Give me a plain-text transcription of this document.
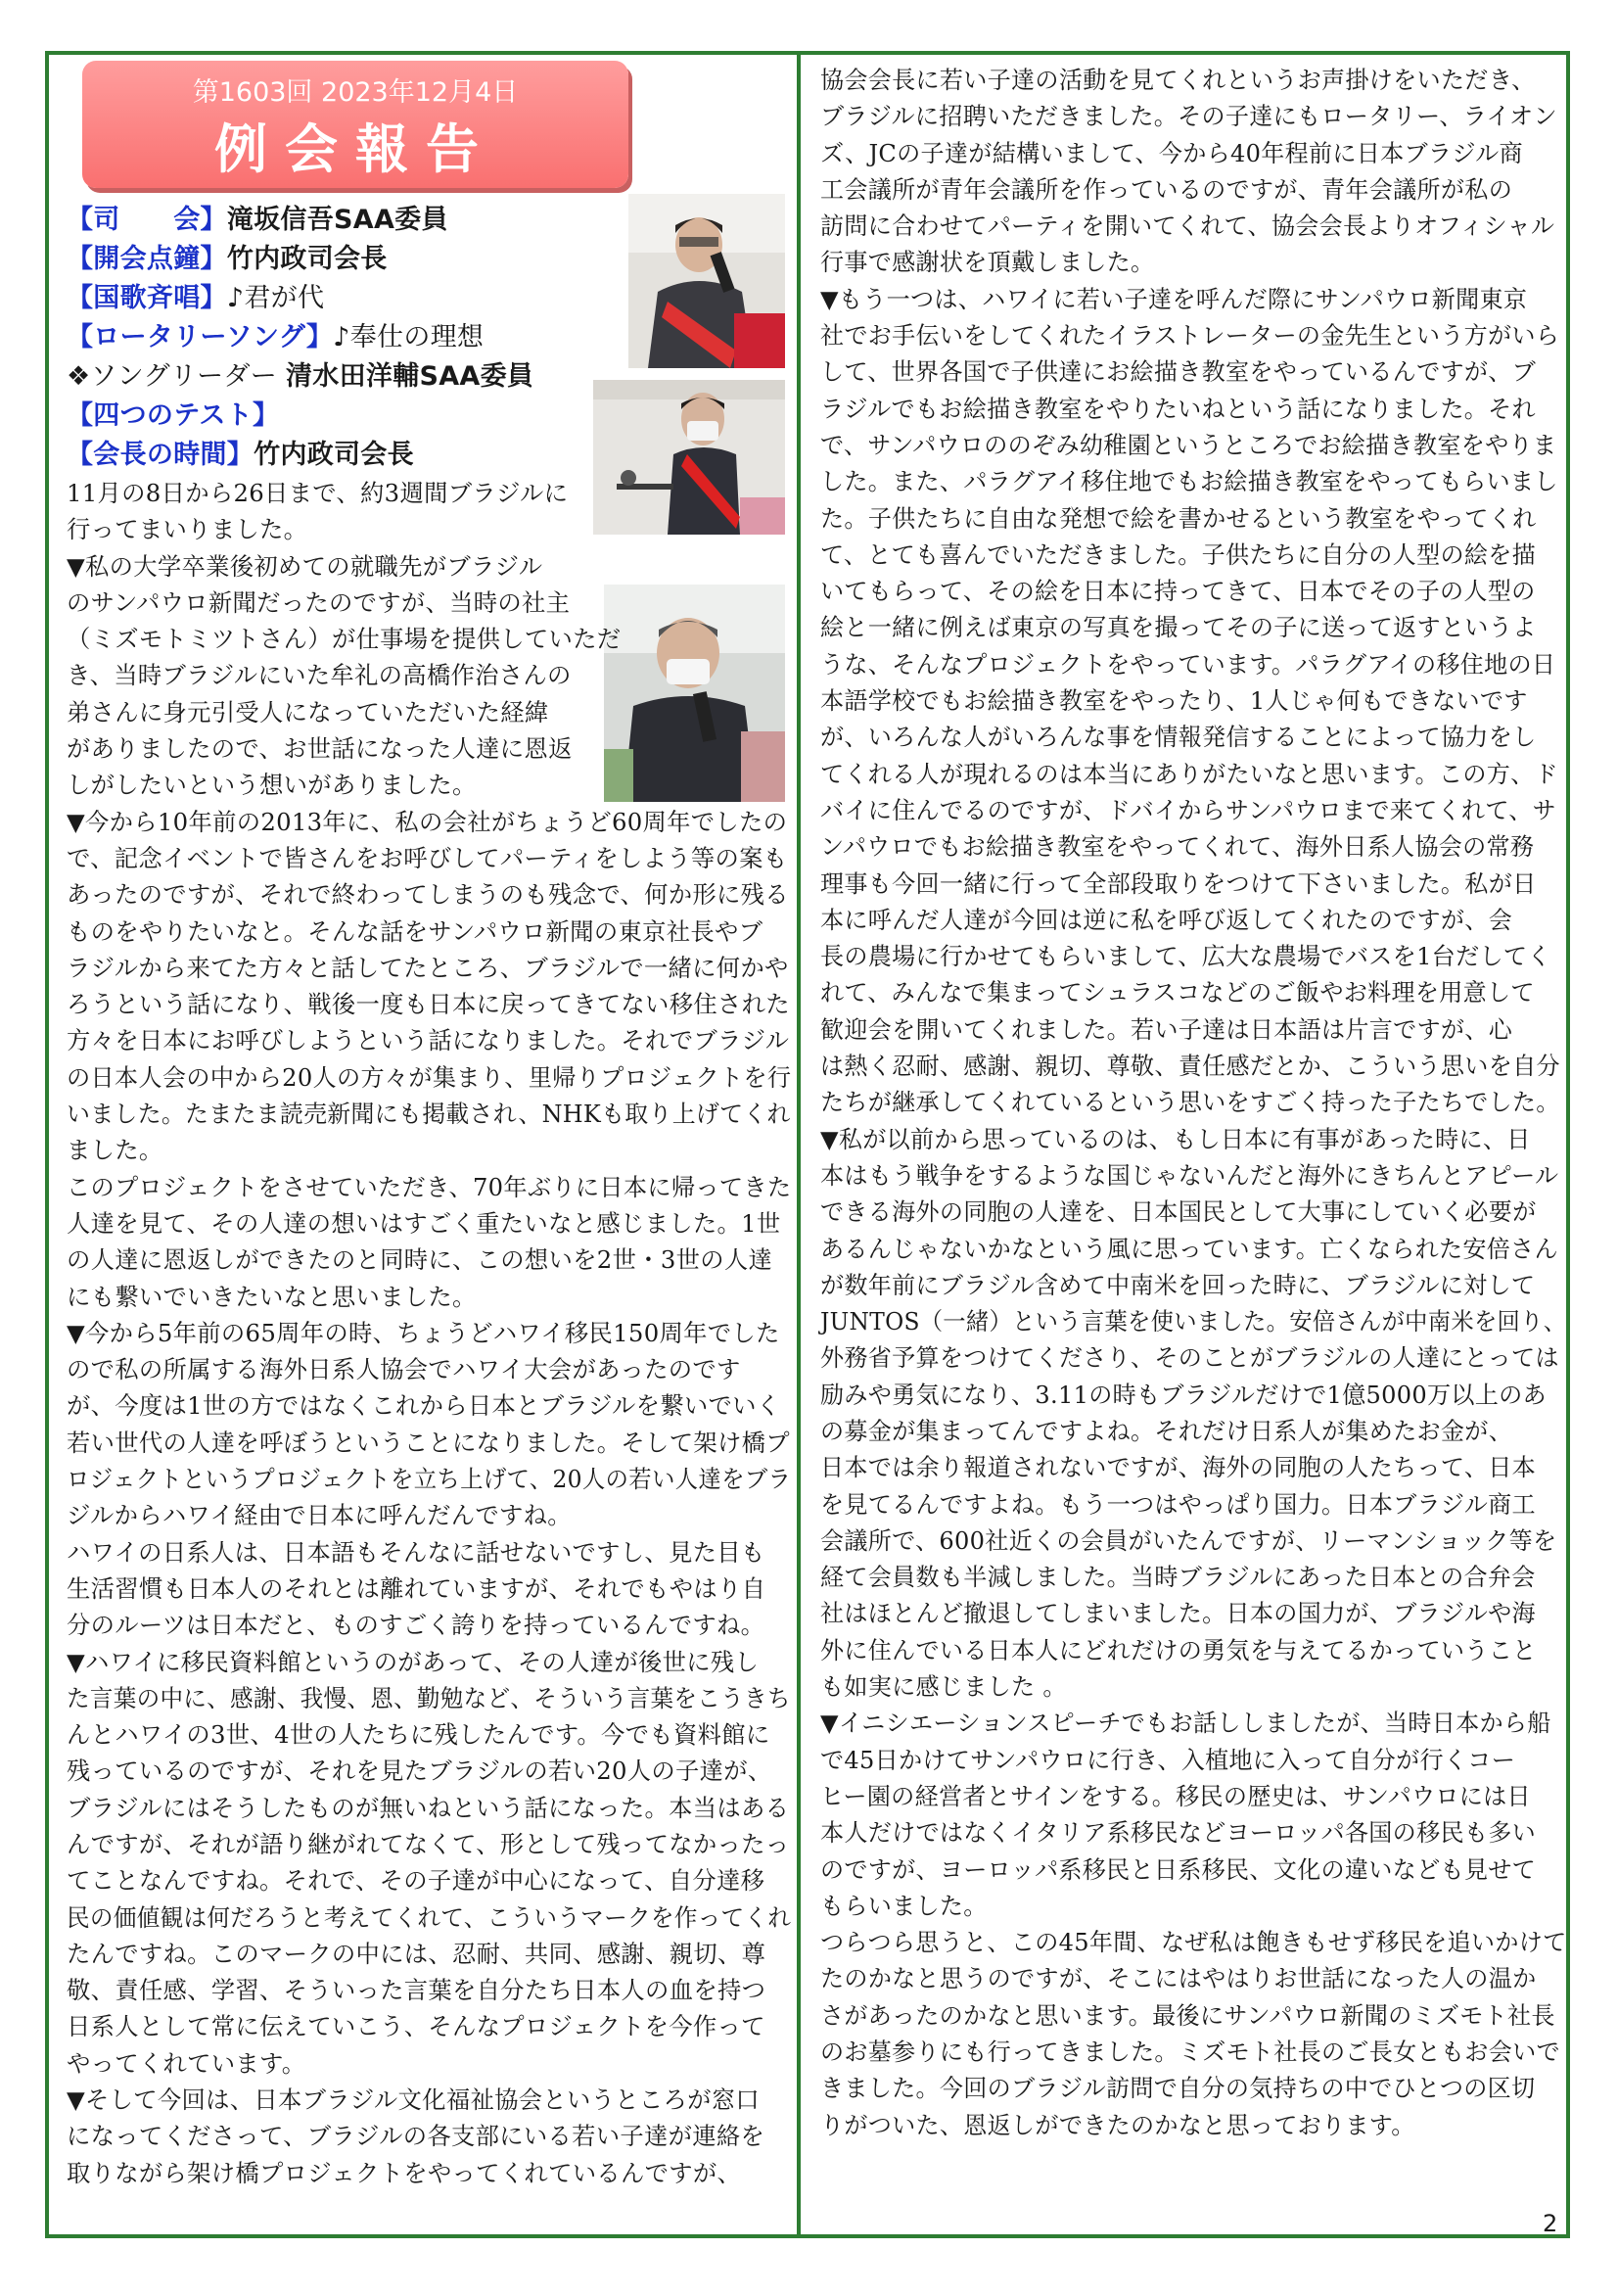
第1603回 2023年12月4日
例会報告
【司　　会】滝坂信吾SAA委員
【開会点鐘】竹内政司会長
【国歌斉唱】♪君が代
【ロータリーソング】♪奉仕の理想
❖ソングリーダー 清水田洋輔SAA委員
【四つのテスト】
【会長の時間】竹内政司会長

11月の8日から26日まで、約3週間ブラジルに

行ってまいりました。

▼私の大学卒業後初めての就職先がブラジル

のサンパウロ新聞だったのですが、当時の社主

（ミズモトミツトさん）が仕事場を提供していただ

き、当時ブラジルにいた牟礼の高橋作治さんの

弟さんに身元引受人になっていただいた経緯

がありましたので、お世話になった人達に恩返

しがしたいという想いがありました。

▼今から10年前の2013年に、私の会社がちょうど60周年でしたの

で、記念イベントで皆さんをお呼びしてパーティをしよう等の案も

あったのですが、それで終わってしまうのも残念で、何か形に残る

ものをやりたいなと。そんな話をサンパウロ新聞の東京社長やブ

ラジルから来てた方々と話してたところ、ブラジルで一緒に何かや

ろうという話になり、戦後一度も日本に戻ってきてない移住された

方々を日本にお呼びしようという話になりました。それでブラジル

の日本人会の中から20人の方々が集まり、里帰りプロジェクトを行

いました。たまたま読売新聞にも掲載され、NHKも取り上げてくれ

ました。

このプロジェクトをさせていただき、70年ぶりに日本に帰ってきた

人達を見て、その人達の想いはすごく重たいなと感じました。1世

の人達に恩返しができたのと同時に、この想いを2世・3世の人達

にも繋いでいきたいなと思いました。

▼今から5年前の65周年の時、ちょうどハワイ移民150周年でした

ので私の所属する海外日系人協会でハワイ大会があったのです

が、今度は1世の方ではなくこれから日本とブラジルを繋いでいく

若い世代の人達を呼ぼうということになりました。そして架け橋プ

ロジェクトというプロジェクトを立ち上げて、20人の若い人達をブラ

ジルからハワイ経由で日本に呼んだんですね。

ハワイの日系人は、日本語もそんなに話せないですし、見た目も

生活習慣も日本人のそれとは離れていますが、それでもやはり自

分のルーツは日本だと、ものすごく誇りを持っているんですね。

▼ハワイに移民資料館というのがあって、その人達が後世に残し

た言葉の中に、感謝、我慢、恩、勤勉など、そういう言葉をこうきち

んとハワイの3世、4世の人たちに残したんです。今でも資料館に

残っているのですが、それを見たブラジルの若い20人の子達が、

ブラジルにはそうしたものが無いねという話になった。本当はある

んですが、それが語り継がれてなくて、形として残ってなかったっ

てことなんですね。それで、その子達が中心になって、自分達移

民の価値観は何だろうと考えてくれて、こういうマークを作ってくれ

たんですね。このマークの中には、忍耐、共同、感謝、親切、尊

敬、責任感、学習、そういった言葉を自分たち日本人の血を持つ

日系人として常に伝えていこう、そんなプロジェクトを今作って

やってくれています。

▼そして今回は、日本ブラジル文化福祉協会というところが窓口

になってくださって、ブラジルの各支部にいる若い子達が連絡を

取りながら架け橋プロジェクトをやってくれているんですが、

協会会長に若い子達の活動を見てくれというお声掛けをいただき、

ブラジルに招聘いただきました。その子達にもロータリー、ライオン

ズ、JCの子達が結構いまして、今から40年程前に日本ブラジル商

工会議所が青年会議所を作っているのですが、青年会議所が私の

訪問に合わせてパーティを開いてくれて、協会会長よりオフィシャル

行事で感謝状を頂戴しました。

▼もう一つは、ハワイに若い子達を呼んだ際にサンパウロ新聞東京

社でお手伝いをしてくれたイラストレーターの金先生という方がいら

して、世界各国で子供達にお絵描き教室をやっているんですが、ブ

ラジルでもお絵描き教室をやりたいねという話になりました。それ

で、サンパウロののぞみ幼稚園というところでお絵描き教室をやりま

した。また、パラグアイ移住地でもお絵描き教室をやってもらいまし

た。子供たちに自由な発想で絵を書かせるという教室をやってくれ

て、とても喜んでいただきました。子供たちに自分の人型の絵を描

いてもらって、その絵を日本に持ってきて、日本でその子の人型の

絵と一緒に例えば東京の写真を撮ってその子に送って返すというよ

うな、そんなプロジェクトをやっています。パラグアイの移住地の日

本語学校でもお絵描き教室をやったり、1人じゃ何もできないです

が、いろんな人がいろんな事を情報発信することによって協力をし

てくれる人が現れるのは本当にありがたいなと思います。この方、ド

バイに住んでるのですが、ドバイからサンパウロまで来てくれて、サ

ンパウロでもお絵描き教室をやってくれて、海外日系人協会の常務

理事も今回一緒に行って全部段取りをつけて下さいました。私が日

本に呼んだ人達が今回は逆に私を呼び返してくれたのですが、会

長の農場に行かせてもらいまして、広大な農場でバスを1台だしてく

れて、みんなで集まってシュラスコなどのご飯やお料理を用意して

歓迎会を開いてくれました。若い子達は日本語は片言ですが、心

は熱く忍耐、感謝、親切、尊敬、責任感だとか、こういう思いを自分

たちが継承してくれているという思いをすごく持った子たちでした。

▼私が以前から思っているのは、もし日本に有事があった時に、日

本はもう戦争をするような国じゃないんだと海外にきちんとアピール

できる海外の同胞の人達を、日本国民として大事にしていく必要が

あるんじゃないかなという風に思っています。亡くなられた安倍さん

が数年前にブラジル含めて中南米を回った時に、ブラジルに対して

JUNTOS（一緒）という言葉を使いました。安倍さんが中南米を回り、

外務省予算をつけてくださり、そのことがブラジルの人達にとっては

励みや勇気になり、3.11の時もブラジルだけで1億5000万以上のあ

の募金が集まってんですよね。それだけ日系人が集めたお金が、

日本では余り報道されないですが、海外の同胞の人たちって、日本

を見てるんですよね。もう一つはやっぱり国力。日本ブラジル商工

会議所で、600社近くの会員がいたんですが、リーマンショック等を

経て会員数も半減しました。当時ブラジルにあった日本との合弁会

社はほとんど撤退してしまいました。日本の国力が、ブラジルや海

外に住んでいる日本人にどれだけの勇気を与えてるかっていうこと

も如実に感じました 。

▼イニシエーションスピーチでもお話ししましたが、当時日本から船

で45日かけてサンパウロに行き、入植地に入って自分が行くコー

ヒー園の経営者とサインをする。移民の歴史は、サンパウロには日

本人だけではなくイタリア系移民などヨーロッパ各国の移民も多い

のですが、ヨーロッパ系移民と日系移民、文化の違いなども見せて

もらいました。

つらつら思うと、この45年間、なぜ私は飽きもせず移民を追いかけて

たのかなと思うのですが、そこにはやはりお世話になった人の温か

さがあったのかなと思います。最後にサンパウロ新聞のミズモト社長

のお墓参りにも行ってきました。ミズモト社長のご長女ともお会いで

きました。今回のブラジル訪問で自分の気持ちの中でひとつの区切

りがついた、恩返しができたのかなと思っております。

2
